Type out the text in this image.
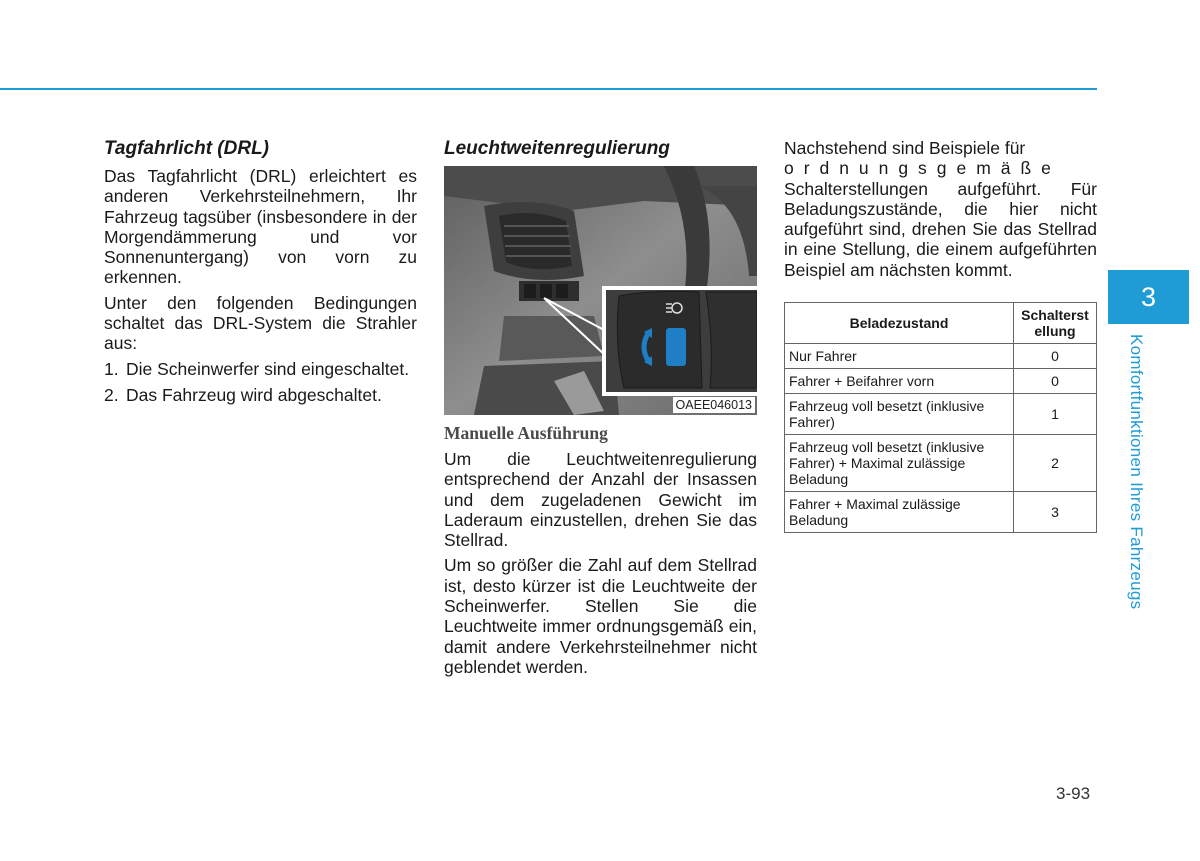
Tagfahrlicht (DRL)

Das Tagfahrlicht (DRL) erleichtert es anderen Verkehrsteilnehmern, Ihr Fahrzeug tagsüber (insbesondere in der Morgendämmerung und vor Sonnenuntergang) von vorn zu erkennen.

Unter den folgenden Bedingungen schaltet das DRL-System die Strahler aus:

1. Die Scheinwerfer sind eingeschaltet.
2. Das Fahrzeug wird abgeschaltet.
Leuchtweitenregulierung
OAEE046013
Manuelle Ausführung

Um die Leuchtweitenregulierung entsprechend der Anzahl der Insassen und dem zugeladenen Gewicht im Laderaum einzustellen, drehen Sie das Stellrad.

Um so größer die Zahl auf dem Stellrad ist, desto kürzer ist die Leuchtweite der Scheinwerfer. Stellen Sie die Leuchtweite immer ordnungsgemäß ein, damit andere Verkehrsteilnehmer nicht geblendet werden.

Nachstehend sind Beispiele für

ordnungsgemäße

Schalterstellungen aufgeführt. Für Beladungszustände, die hier nicht aufgeführt sind, drehen Sie das Stellrad in eine Stellung, die einem aufgeführten Beispiel am nächsten kommt.

Beladezustand	Schalterst ellung
Nur Fahrer	0
Fahrer + Beifahrer vorn	0
Fahrzeug voll besetzt (inklusive Fahrer)	1
Fahrzeug voll besetzt (inklusive Fahrer) + Maximal zulässige Beladung	2
Fahrer + Maximal zulässige Beladung	3
3
Komfortfunktionen Ihres Fahrzeugs
3-93
